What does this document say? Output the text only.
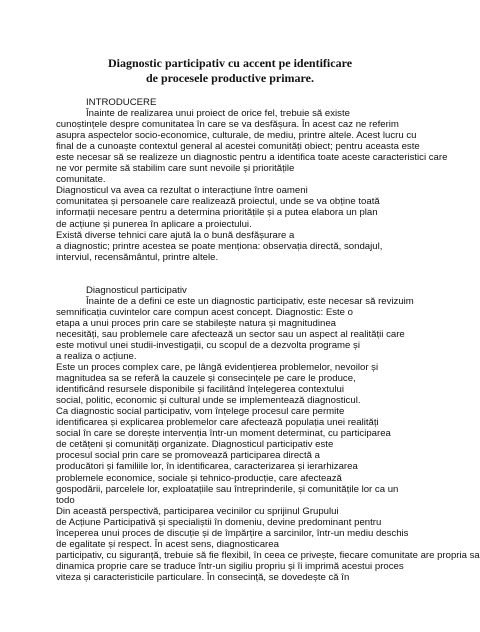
Diagnostic participativ cu accent pe identificare
de procesele productive primare.
INTRODUCERE
Înainte de realizarea unui proiect de orice fel, trebuie să existe
cunoștințele despre comunitatea în care se va desfășura. În acest caz ne referim
asupra aspectelor socio-economice, culturale, de mediu, printre altele. Acest lucru cu
final de a cunoaște contextul general al acestei comunități obiect; pentru aceasta este
este necesar să se realizeze un diagnostic pentru a identifica toate aceste caracteristici care
ne vor permite să stabilim care sunt nevoile și prioritățile
comunitate.
Diagnosticul va avea ca rezultat o interacțiune între oameni
comunitatea și persoanele care realizează proiectul, unde se va obține toată
informații necesare pentru a determina prioritățile și a putea elabora un plan
de acțiune și punerea în aplicare a proiectului.
Există diverse tehnici care ajută la o bună desfășurare a
a diagnostic; printre acestea se poate menționa: observația directă, sondajul,
interviul, recensământul, printre altele.
Diagnosticul participativ
Înainte de a defini ce este un diagnostic participativ, este necesar să revizuim
semnificația cuvintelor care compun acest concept. Diagnostic: Este o
etapa a unui proces prin care se stabilește natura și magnitudinea
necesități, sau problemele care afectează un sector sau un aspect al realității care
este motivul unei studii-investigații, cu scopul de a dezvolta programe și
a realiza o acțiune.
Este un proces complex care, pe lângă evidențierea problemelor, nevoilor și
magnitudea sa se referă la cauzele și consecințele pe care le produce,
identificând resursele disponibile și facilitând înțelegerea contextului
social, politic, economic și cultural unde se implementează diagnosticul.
Ca diagnostic social participativ, vom înțelege procesul care permite
identificarea și explicarea problemelor care afectează populația unei realități
social în care se dorește intervenția într-un moment determinat, cu participarea
de cetățeni și comunități organizate. Diagnosticul participativ este
procesul social prin care se promovează participarea directă a
producători și familiile lor, în identificarea, caracterizarea și ierarhizarea
problemele economice, sociale și tehnico-producție, care afectează
gospodării, parcelele lor, exploatațiile sau întreprinderile, și comunitățile lor ca un
todo
Din această perspectivă, participarea vecinilor cu sprijinul Grupului
de Acțiune Participativă și specialiștii în domeniu, devine predominant pentru
începerea unui proces de discuție și de împărțire a sarcinilor, într-un mediu deschis
de egalitate și respect. În acest sens, diagnosticarea
participativ, cu siguranță, trebuie să fie flexibil, în ceea ce privește, fiecare comunitate are propria sa
dinamica proprie care se traduce într-un sigiliu propriu și îi imprimă acestui proces
viteza și caracteristicile particulare. În consecință, se dovedește că în
